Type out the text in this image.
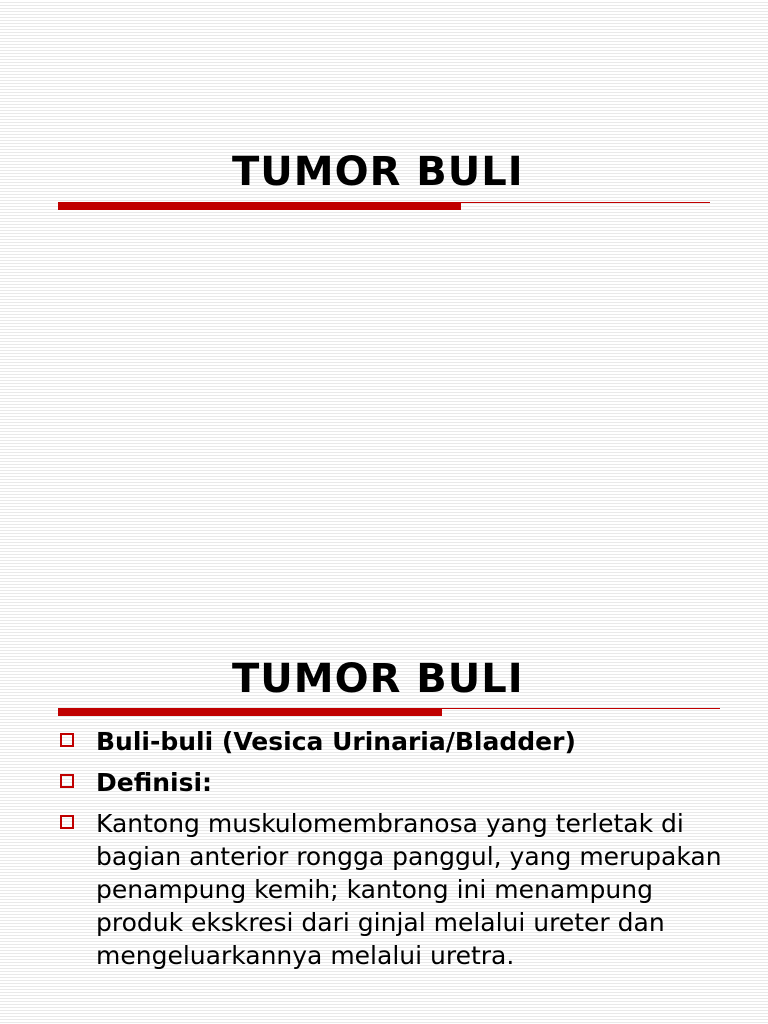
TUMOR BULI
TUMOR BULI
Buli-buli (Vesica Urinaria/Bladder)
Definisi:
Kantong muskulomembranosa yang terletak di bagian anterior rongga panggul, yang merupakan penampung kemih; kantong ini menampung produk ekskresi dari ginjal melalui ureter dan mengeluarkannya melalui uretra.
